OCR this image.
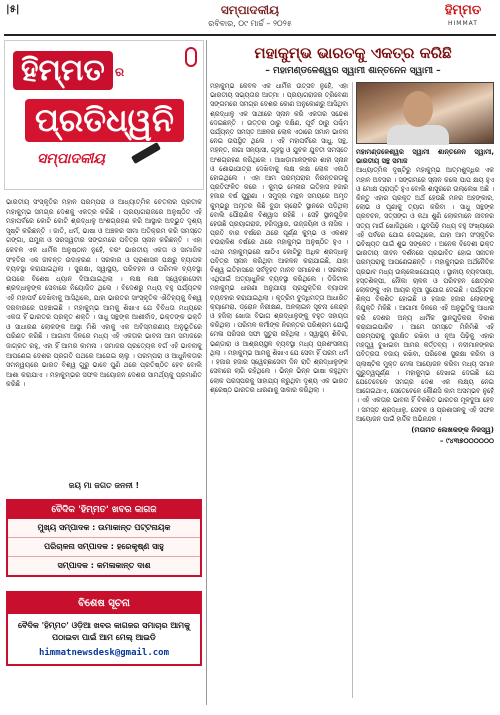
|୫|	ସମ୍ପାଦକୀୟ
ରବିବାର, ୦୯ ମାର୍ଚ୍ଚ – ୨୦୨୫
ହିମ୍ମତ
HIMMAT
ହିମ୍ମତ ର
ପ୍ରତିଧ୍ୱନି
ସମ୍ପାଦକୀୟ
ଭାରତୀୟ ସଂସ୍କୃତିର ମହାନ ପରମ୍ପରା ଓ ଆଧ୍ୟାତ୍ମିକ ଚେତନାର ପ୍ରତୀକ ମହାକୁମ୍ଭ ସମଗ୍ର ଦେଶକୁ ଏକତ୍ର କରିଛି । ପ୍ରୟାଗରାଜରେ ଅନୁଷ୍ଠିତ ଏହି ମହାପର୍ବରେ କୋଟି କୋଟି ଶ୍ରଦ୍ଧାଳୁ ଅଂଶଗ୍ରହଣ କରି ଆସ୍ଥାର ଅଦ୍ଭୁତ ଦୃଶ୍ୟ ସୃଷ୍ଟି କରିଛନ୍ତି । ଜାତି, ଧର୍ମ, ଭାଷା ଓ ଅଞ୍ଚଳର ସୀମା ଅତିକ୍ରମ କରି ସମସ୍ତେ ଗଙ୍ଗା, ଯମୁନା ଓ ସରସ୍ୱତୀର ସଙ୍ଗମରେ ପବିତ୍ର ସ୍ନାନ କରିଛନ୍ତି । ଏହା କେବଳ ଏକ ଧାର୍ମିକ ଅନୁଷ୍ଠାନ ନୁହେଁ, ବରଂ ଭାରତୀୟ ଏକତା ଓ ସାମାଜିକ ସଂହତିର ଏକ ଜୀବନ୍ତ ଉଦାହରଣ । ସରକାର ଓ ପ୍ରଶାସନ ପକ୍ଷରୁ ବ୍ୟାପକ ବ୍ୟବସ୍ଥା କରାଯାଇଥିଲା । ସୁରକ୍ଷା, ସ୍ୱାସ୍ଥ୍ୟ, ପରିବହନ ଓ ପରିମଳ ବ୍ୟବସ୍ଥା ଉପରେ ବିଶେଷ ଧ୍ୟାନ ଦିଆଯାଇଥିଲା । ଲକ୍ଷ ଲକ୍ଷ ସ୍ୱେଚ୍ଛାସେବୀ ଶ୍ରଦ୍ଧାଳୁଙ୍କ ସେବାରେ ନିୟୋଜିତ ଥିଲେ । ବିଦେଶରୁ ମଧ୍ୟ ବହୁ ପର୍ଯ୍ୟଟକ ଏହି ମହାପର୍ବ ଦେଖିବାକୁ ଆସିଥିଲେ, ଯାହା ଭାରତର ସାଂସ୍କୃତିକ ଐତିହ୍ୟକୁ ବିଶ୍ୱ ଦରବାରରେ ପହଞ୍ଚାଇଛି । ମହାକୁମ୍ଭ ଆମକୁ ଶିଖାଏ ଯେ ବିବିଧତା ମଧ୍ୟରେ ଏକତା ହିଁ ଭାରତର ପ୍ରକୃତ ଶକ୍ତି । ସାଧୁ ସନ୍ଥଙ୍କ ଆଶୀର୍ବାଦ, ଭକ୍ତଙ୍କ ଭକ୍ତି ଓ ସାଧାରଣ ଲୋକଙ୍କ ଆସ୍ଥା ମିଶି ଏହାକୁ ଏକ ଅବିସ୍ମରଣୀୟ ଅନୁଭୂତିରେ ପରିଣତ କରିଛି । ଆଗାମୀ ଦିନରେ ମଧ୍ୟ ଏହି ଏକତାର ଭାବନା ଆମ ସମାଜରେ ଜାଗ୍ରତ ରହୁ, ଏହା ହିଁ ଆମର କାମନା । ସମାଜର ପ୍ରତ୍ୟେକ ବର୍ଗ ଏହି ଭାବନାକୁ ଆପଣେଇ ଦେଶର ପ୍ରଗତି ପଥରେ ଆଗେଇ ଚାଲୁ । ପରମ୍ପରା ଓ ଆଧୁନିକତାର ସମନ୍ୱୟରେ ଭାରତ ବିଶ୍ୱ ଗୁରୁ ଭାବେ ପୁଣି ଥରେ ପ୍ରତିଷ୍ଠିତ ହେବ ବୋଲି ଆଶା କରାଯାଏ । ମହାକୁମ୍ଭର ସଫଳ ଆୟୋଜନ ଦେଶର ସାମର୍ଥ୍ୟକୁ ପ୍ରମାଣିତ କରିଛି ।
ଜୟ ମା ଜଗତ ଜନନୀ !
ବୈଦିକ 'ହିମ୍ମତ' ଖବର କାଗଜ
ମୁଖ୍ୟ ସମ୍ପାଦକ : ଉମାକାନ୍ତ ପଟ୍ଟନାୟକ
ପରିଚାଳନା ସମ୍ପାଦକ : ହରେକୃଷ୍ଣ ସାହୁ
ସମ୍ପାଦକ : କମଳାକାନ୍ତ ଦାଶ
ବିଶେଷ ସୂଚନା
ବୈଦିକ 'ହିମ୍ମତ' ଓଡ଼ିଆ ଖବର କାଗଜର ସମାଚାର ଆମକୁ ପଠାଇବା ପାଇଁ ଆମ ମେଲ୍ ଆଇଡି
himmatnewsdesk@gmail.com
ମହାକୁମ୍ଭ ଭାରତକୁ ଏକତ୍ର କରିଛି
– ମହାମଣ୍ଡଳେଶ୍ୱର ସ୍ୱାମୀ ଶାନ୍ତନେନ ସ୍ୱାମୀ –
ମହାକୁମ୍ଭ କେବଳ ଏକ ଧାର୍ମିକ ଉତ୍ସବ ନୁହେଁ, ଏହା ଭାରତୀୟ ସଭ୍ୟତାର ଆତ୍ମା । ପ୍ରୟାଗରାଜର ତ୍ରିବେଣୀ ସଙ୍ଗମରେ ସମଗ୍ର ଦେଶର କୋଣ ଅନୁକୋଣରୁ ଆସିଥିବା ଶ୍ରଦ୍ଧାଳୁ ଏକ ସାଥୀରେ ସ୍ନାନ କରି ଏକତାର ସନ୍ଦେଶ ଦେଇଛନ୍ତି । ଉତ୍ତର ଠାରୁ ଦକ୍ଷିଣ, ପୂର୍ବ ଠାରୁ ପଶ୍ଚିମ ପର୍ଯ୍ୟନ୍ତ ସମସ୍ତ ଅଞ୍ଚଳର ଲୋକ ଏଠାରେ ସମାନ ଭାବନା ନେଇ ଉପସ୍ଥିତ ଥିଲେ । ଏହି ମହାପର୍ବରେ ସାଧୁ, ସନ୍ଥ, ମହନ୍ତ, ନାଗା ସନ୍ୟାସୀ, ଗୃହସ୍ଥ ଓ ଯୁବକ ଯୁବତୀ ସମସ୍ତେ ଅଂଶଗ୍ରହଣ କରିଥିଲେ । ଆଖଡ଼ାମାନଙ୍କର ଶାହୀ ସ୍ନାନ ଓ ଶୋଭାଯାତ୍ରା ଦେଖିବାକୁ ଲକ୍ଷ ଲକ୍ଷ ଲୋକ ଏକାଠି ହୋଇଥିଲେ । ଏହା ଆମ ପରମ୍ପରାର ନିରନ୍ତରତାକୁ ପ୍ରତିଫଳିତ କରେ । କୁମ୍ଭ ମେଳାର ଇତିହାସ ହଜାର ହଜାର ବର୍ଷ ପୁରୁଣା । ସମୁଦ୍ର ମନ୍ଥନ ସମୟରେ ଅମୃତ କୁମ୍ଭରୁ ଅମୃତର କିଛି ବୁନ୍ଦା ଚାରୋଟି ସ୍ଥାନରେ ପଡ଼ିଥିଲା ବୋଲି ପୌରାଣିକ ବିଶ୍ୱାସ ରହିଛି । ସେହି ସ୍ଥାନଗୁଡ଼ିକ ହେଉଛି ପ୍ରୟାଗରାଜ, ହରିଦ୍ୱାର, ଉଜ୍ଜୟିନୀ ଓ ନାସିକ । ପ୍ରତି ବାର ବର୍ଷରେ ଥରେ ପୂର୍ଣ୍ଣ କୁମ୍ଭ ଓ ଏକଶହ ଚଉରାଳିଶ ବର୍ଷରେ ଥରେ ମହାକୁମ୍ଭ ଅନୁଷ୍ଠିତ ହୁଏ । ଏଥର ମହାକୁମ୍ଭରେ ଷାଠିଏ କୋଟିରୁ ଅଧିକ ଶ୍ରଦ୍ଧାଳୁ ପବିତ୍ର ସ୍ନାନ କରିଥିବା ଆକଳନ କରାଯାଇଛି, ଯାହା ବିଶ୍ୱ ଇତିହାସରେ ସର୍ବବୃହତ ମାନବ ସମାବେଶ । ସରକାର ଏଥିପାଇଁ ଅତ୍ୟାଧୁନିକ ବ୍ୟବସ୍ଥା କରିଥିଲେ । ଡିଜିଟାଲ ମହାକୁମ୍ଭ ଧାରଣା ଅନୁଯାୟୀ ପ୍ରଯୁକ୍ତିର ବ୍ୟାପକ ବ୍ୟବହାର କରାଯାଇଥିଲା । କୃତ୍ରିମ ବୁଦ୍ଧିମତ୍ତା ଆଧାରିତ କ୍ୟାମେରା, ଡ୍ରୋନ ନିରୀକ୍ଷଣ, ଅନଲାଇନ ସୂଚନା କେନ୍ଦ୍ର ଓ ହଜିଲା ଖୋଜା ବିଭାଗ ଶ୍ରଦ୍ଧାଳୁଙ୍କୁ ବହୁତ ସହାୟତା କରିଥିଲା । ପରିମଳ କର୍ମୀଙ୍କ ନିରନ୍ତର ପରିଶ୍ରମ ଯୋଗୁଁ ମେଳା ପରିସର ସଫା ସୁତୁରା ରହିଥିଲା । ସ୍ୱାସ୍ଥ୍ୟ ଶିବିର, ଭଣ୍ଡାରା ଓ ଆଶ୍ରୟସ୍ଥଳ ବ୍ୟବସ୍ଥା ମଧ୍ୟ ପ୍ରଶଂସନୀୟ ଥିଲା । ମହାକୁମ୍ଭ ଆମକୁ ଶିଖାଏ ଯେ ସେବା ହିଁ ପରମ ଧର୍ମ । ହଜାର ହଜାର ସ୍ୱେଚ୍ଛାସେବୀ ଦିନ ରାତି ଶ୍ରଦ୍ଧାଳୁଙ୍କ ସେବାରେ ଲାଗି ରହିଥିଲେ । ଭିନ୍ନ ଭିନ୍ନ ଭାଷା କହୁଥିବା ଲୋକ ପରସ୍ପରକୁ ସାହାଯ୍ୟ କରୁଥିବା ଦୃଶ୍ୟ ଏକ ଭାରତ ଶ୍ରେଷ୍ଠ ଭାରତର ଧାରଣାକୁ ସାକାର କରିଥିଲା ।
ମହାମଣ୍ଡଳେଶ୍ୱର ସ୍ୱାମୀ ଶାନ୍ତନେନ ସ୍ୱାମୀ, ଭାରତୀୟ ସନ୍ଥ ସମାଜ
ଆଧ୍ୟାତ୍ମିକ ଦୃଷ୍ଟିରୁ ମହାକୁମ୍ଭ ଆତ୍ମଶୁଦ୍ଧିର ଏକ ମହାନ ଅବସର । ସଙ୍ଗମରେ ସ୍ନାନ କଲେ ପାପ କ୍ଷୟ ହୁଏ ଓ ମୋକ୍ଷ ପ୍ରାପ୍ତି ହୁଏ ବୋଲି ଶାସ୍ତ୍ରରେ ଉଲ୍ଲେଖ ଅଛି । କିନ୍ତୁ ଏହାର ପ୍ରକୃତ ଅର୍ଥ ହେଉଛି ମନର ଅହଙ୍କାର, ଲୋଭ ଓ ଘୃଣାକୁ ତ୍ୟାଗ କରିବା । ସାଧୁ ସନ୍ଥଙ୍କ ପ୍ରବଚନ, ସତ୍ସଙ୍ଗ ଓ କଥା ଶୁଣି ଲୋକମାନେ ଜୀବନର ସତ୍ୟ ମାର୍ଗ ଖୋଜିଥିଲେ । ଯୁବପିଢ଼ି ମଧ୍ୟ ବହୁ ସଂଖ୍ୟାରେ ଏହି ପର୍ବରେ ଯୋଗ ଦେଇଥିଲେ, ଯାହା ଆମ ସଂସ୍କୃତିର ଭବିଷ୍ୟତ ପାଇଁ ଶୁଭ ସଙ୍କେତ । ଅନେକ ବିଦେଶୀ ଭକ୍ତ ଭାରତୀୟ ଜୀବନ ଦର୍ଶନରେ ପ୍ରଭାବିତ ହୋଇ ସନାତନ ପରମ୍ପରାକୁ ଆପଣେଇଛନ୍ତି । ମହାକୁମ୍ଭର ଅର୍ଥନୈତିକ ପ୍ରଭାବ ମଧ୍ୟ ଉଲ୍ଲେଖଯୋଗ୍ୟ । ସ୍ଥାନୀୟ ବ୍ୟବସାୟୀ, ହସ୍ତଶିଳ୍ପୀ, ନୌକା ଚାଳକ ଓ ପରିବହନ କ୍ଷେତ୍ରର ଲୋକଙ୍କୁ ଏହା ଆୟର ନୂଆ ସୁଯୋଗ ଦେଇଛି । ପର୍ଯ୍ୟଟନ ଶିଳ୍ପ ବିକଶିତ ହୋଇଛି ଓ ହଜାର ହଜାର ଲୋକଙ୍କୁ ନିଯୁକ୍ତି ମିଳିଛି । ଆଗାମୀ ଦିନରେ ଏହି ଅନୁଭୂତିକୁ ଆଧାର କରି ଦେଶର ଅନ୍ୟ ଧାର୍ମିକ ସ୍ଥାନଗୁଡ଼ିକର ବିକାଶ କରାଯାଇପାରିବ । ଆମେ ସମସ୍ତେ ମିଳିମିଶି ଏହି ପରମ୍ପରାକୁ ସୁରକ୍ଷିତ ରଖିବା ଓ ନୂଆ ପିଢ଼ିକୁ ଏହାର ମହତ୍ତ୍ୱ ବୁଝାଇବା ଆମର କର୍ତ୍ତବ୍ୟ । ନଦୀମାନଙ୍କର ପବିତ୍ରତା ବଜାୟ ରଖିବା, ପରିବେଶ ସୁରକ୍ଷା କରିବା ଓ ପ୍ଲାଷ୍ଟିକ ମୁକ୍ତ ମେଳା ଆୟୋଜନ କରିବା ମଧ୍ୟ ସମାନ ଗୁରୁତ୍ୱପୂର୍ଣ୍ଣ । ମହାକୁମ୍ଭ ଦେଖାଇ ଦେଇଛି ଯେ ଯେତେବେଳେ ସମଗ୍ର ଦେଶ ଏକ ଲକ୍ଷ୍ୟ ନେଇ ଆଗେଇଥାଏ, ସେତେବେଳେ କୌଣସି କାମ ଅସମ୍ଭବ ନୁହେଁ । ଏହି ଏକତାର ଭାବନା ହିଁ ବିକଶିତ ଭାରତର ମୂଳଦୁଆ ହେବ । ସମସ୍ତ ଶ୍ରଦ୍ଧାଳୁ, ସେବକ ଓ ପ୍ରଶାସନକୁ ଏହି ସଫଳ ଆୟୋଜନ ପାଇଁ ହାର୍ଦ୍ଦିକ ଅଭିନନ୍ଦନ ।
(ମତାମତ ଲେଖକଙ୍କ ନିଜସ୍ୱ)
– ୯୪୩୭୦୦୦୦୦୦
